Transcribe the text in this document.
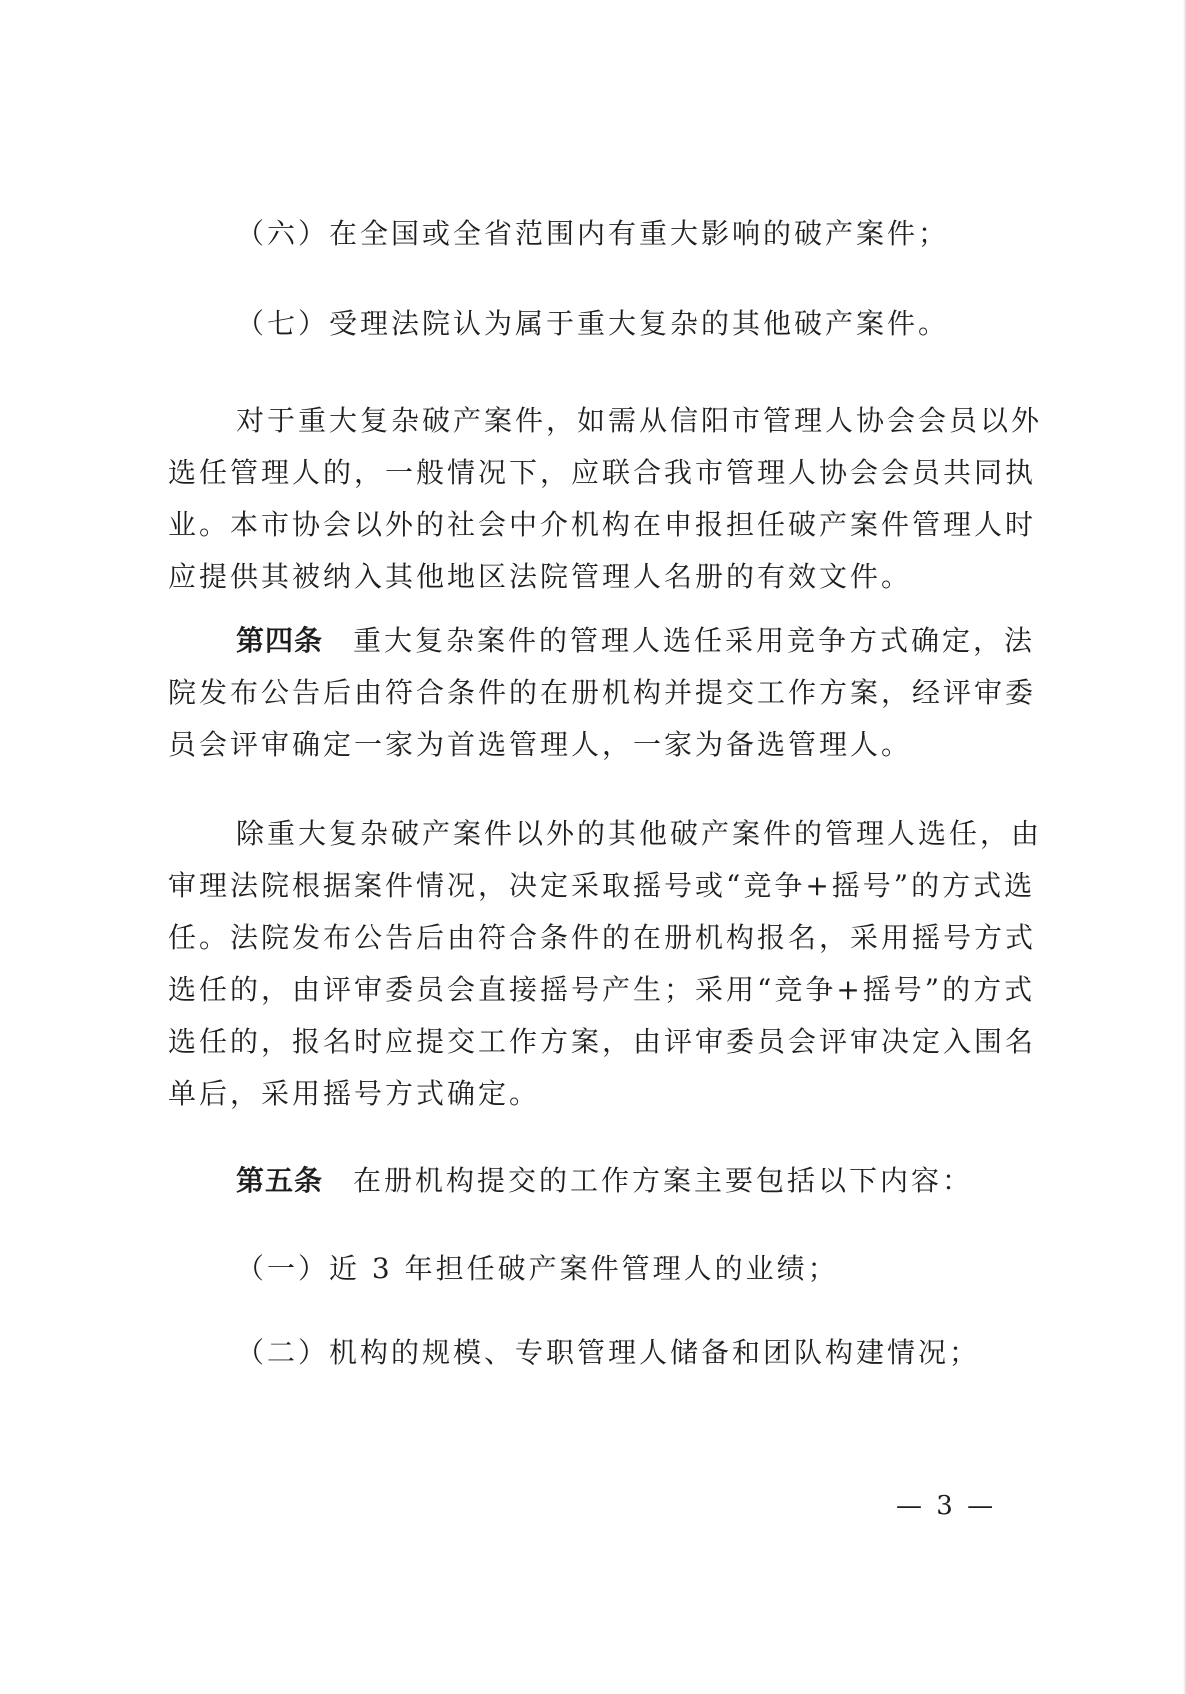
（六）在全国或全省范围内有重大影响的破产案件；

（七）受理法院认为属于重大复杂的其他破产案件。

对于重大复杂破产案件，如需从信阳市管理人协会会员以外选任管理人的，一般情况下，应联合我市管理人协会会员共同执业。本市协会以外的社会中介机构在申报担任破产案件管理人时应提供其被纳入其他地区法院管理人名册的有效文件。

第四条 重大复杂案件的管理人选任采用竞争方式确定，法院发布公告后由符合条件的在册机构并提交工作方案，经评审委员会评审确定一家为首选管理人，一家为备选管理人。

除重大复杂破产案件以外的其他破产案件的管理人选任，由审理法院根据案件情况，决定采取摇号或“竞争+摇号”的方式选任。法院发布公告后由符合条件的在册机构报名，采用摇号方式选任的，由评审委员会直接摇号产生；采用“竞争+摇号”的方式选任的，报名时应提交工作方案，由评审委员会评审决定入围名单后，采用摇号方式确定。

第五条 在册机构提交的工作方案主要包括以下内容：

（一）近 3 年担任破产案件管理人的业绩；

（二）机构的规模、专职管理人储备和团队构建情况；

— 3 —
